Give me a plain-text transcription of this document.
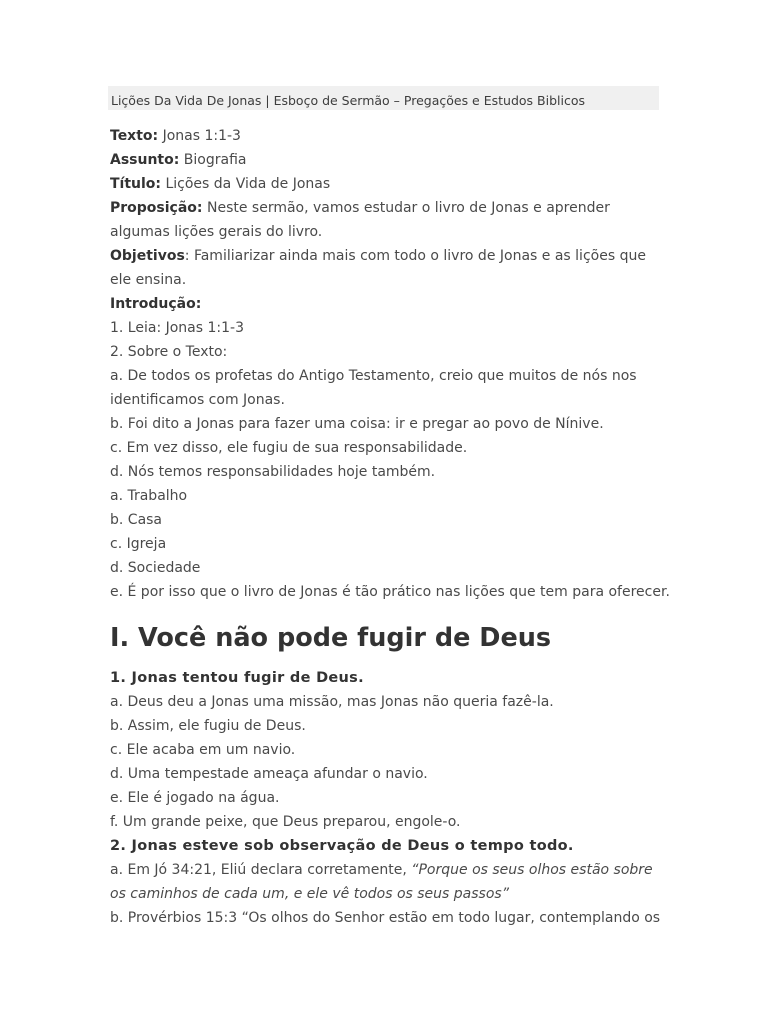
Lições Da Vida De Jonas | Esboço de Sermão – Pregações e Estudos Biblicos

Texto: Jonas 1:1-3

Assunto: Biografia

Título: Lições da Vida de Jonas

Proposição: Neste sermão, vamos estudar o livro de Jonas e aprender algumas lições gerais do livro.

Objetivos: Familiarizar ainda mais com todo o livro de Jonas e as lições que ele ensina.

Introdução:

1. Leia: Jonas 1:1-3

2. Sobre o Texto:

a. De todos os profetas do Antigo Testamento, creio que muitos de nós nos identificamos com Jonas.

b. Foi dito a Jonas para fazer uma coisa: ir e pregar ao povo de Nínive.

c. Em vez disso, ele fugiu de sua responsabilidade.

d. Nós temos responsabilidades hoje também.

a. Trabalho

b. Casa

c. Igreja

d. Sociedade

e. É por isso que o livro de Jonas é tão prático nas lições que tem para oferecer.

I. Você não pode fugir de Deus

1. Jonas tentou fugir de Deus.

a. Deus deu a Jonas uma missão, mas Jonas não queria fazê-la.

b. Assim, ele fugiu de Deus.

c. Ele acaba em um navio.

d. Uma tempestade ameaça afundar o navio.

e. Ele é jogado na água.

f. Um grande peixe, que Deus preparou, engole-o.

2. Jonas esteve sob observação de Deus o tempo todo.

a. Em Jó 34:21, Eliú declara corretamente, “Porque os seus olhos estão sobre os caminhos de cada um, e ele vê todos os seus passos”

b. Provérbios 15:3 “Os olhos do Senhor estão em todo lugar, contemplando os
